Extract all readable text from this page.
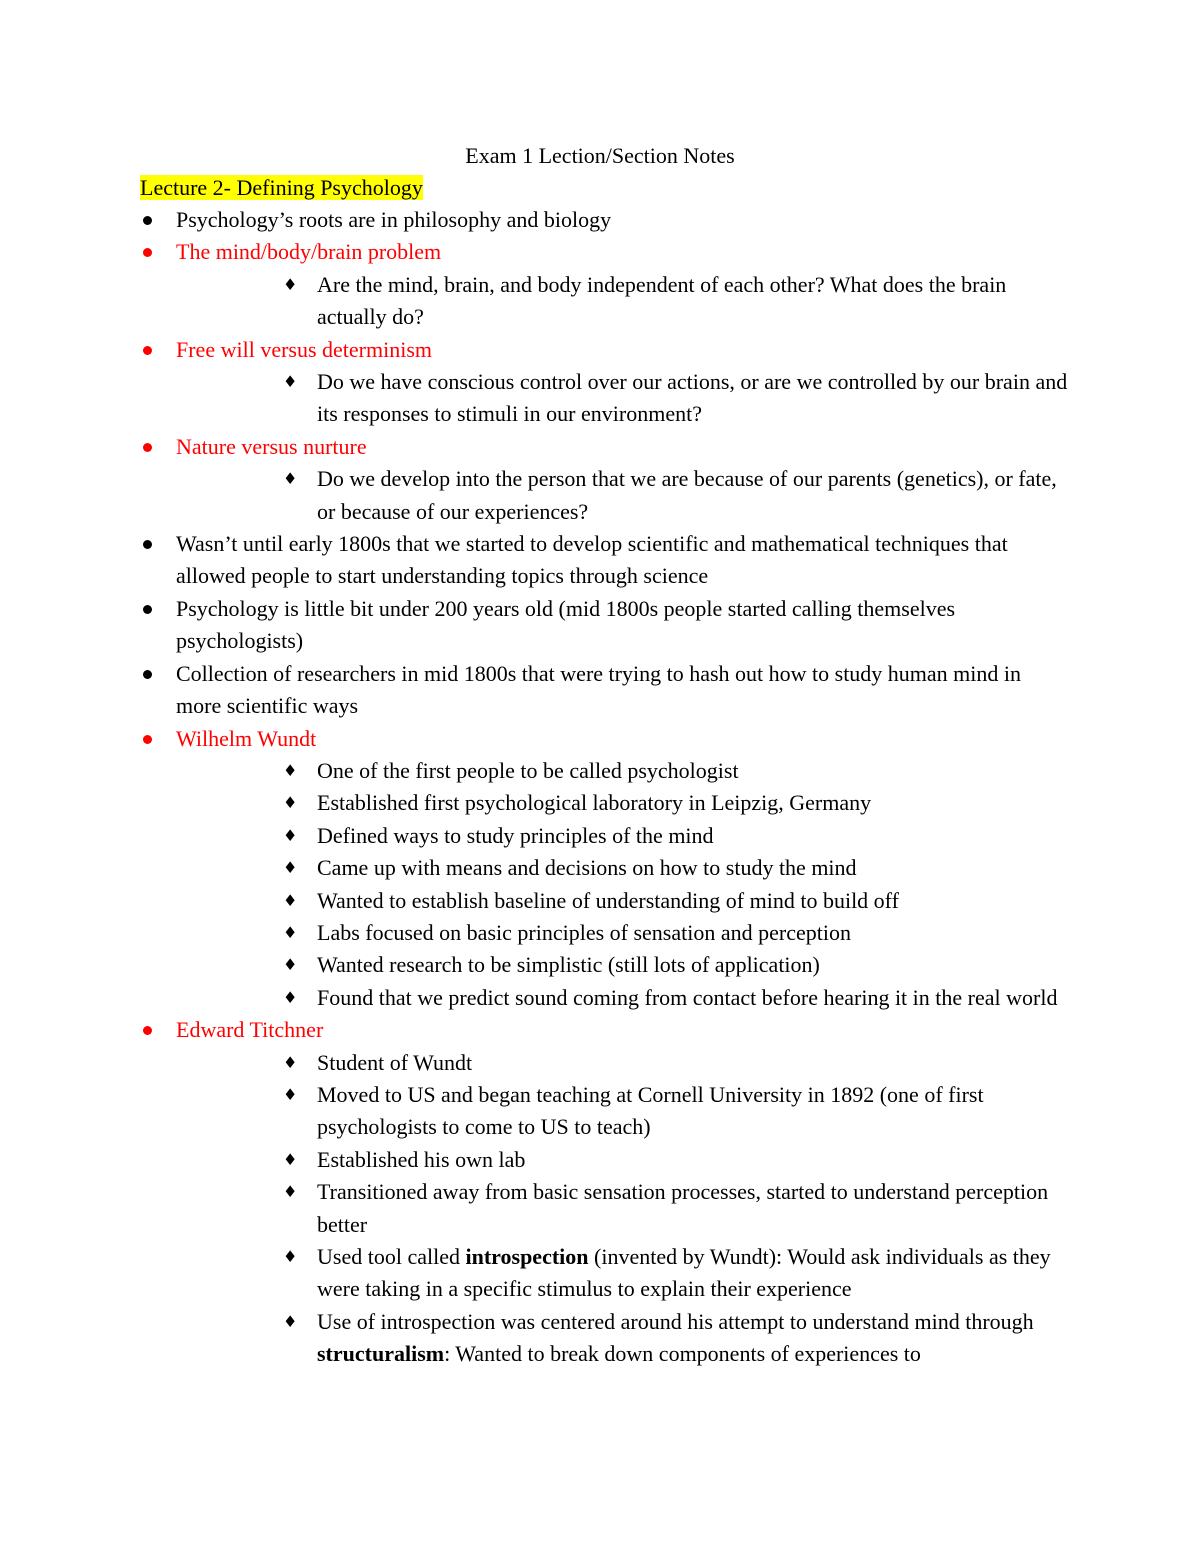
Exam 1 Lection/Section Notes
Lecture 2- Defining Psychology
Psychology’s roots are in philosophy and biology
The mind/body/brain problem
♦ Are the mind, brain, and body independent of each other? What does the brain actually do?
Free will versus determinism
♦ Do we have conscious control over our actions, or are we controlled by our brain and its responses to stimuli in our environment?
Nature versus nurture
♦ Do we develop into the person that we are because of our parents (genetics), or fate, or because of our experiences?
Wasn’t until early 1800s that we started to develop scientific and mathematical techniques that allowed people to start understanding topics through science
Psychology is little bit under 200 years old (mid 1800s people started calling themselves psychologists)
Collection of researchers in mid 1800s that were trying to hash out how to study human mind in more scientific ways
Wilhelm Wundt
♦ One of the first people to be called psychologist
♦ Established first psychological laboratory in Leipzig, Germany
♦ Defined ways to study principles of the mind
♦ Came up with means and decisions on how to study the mind
♦ Wanted to establish baseline of understanding of mind to build off
♦ Labs focused on basic principles of sensation and perception
♦ Wanted research to be simplistic (still lots of application)
♦ Found that we predict sound coming from contact before hearing it in the real world
Edward Titchner
♦ Student of Wundt
♦ Moved to US and began teaching at Cornell University in 1892 (one of first psychologists to come to US to teach)
♦ Established his own lab
♦ Transitioned away from basic sensation processes, started to understand perception better
♦ Used tool called introspection (invented by Wundt): Would ask individuals as they were taking in a specific stimulus to explain their experience
♦ Use of introspection was centered around his attempt to understand mind through structuralism: Wanted to break down components of experiences to
